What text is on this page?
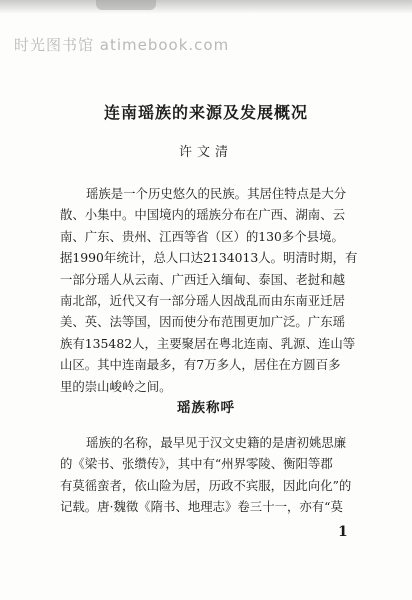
时光图书馆 atimebook.com
连南瑶族的来源及发展概况

许文清

瑶族是一个历史悠久的民族。其居住特点是大分
散、小集中。中国境内的瑶族分布在广西、湖南、云
南、广东、贵州、江西等省（区）的130多个县境。
据1990年统计，总人口达2134013人。明清时期，有
一部分瑶人从云南、广西迁入缅甸、泰国、老挝和越
南北部，近代又有一部分瑶人因战乱而由东南亚迁居
美、英、法等国，因而使分布范围更加广泛。广东瑶
族有135482人，主要聚居在粤北连南、乳源、连山等
山区。其中连南最多，有7万多人，居住在方圆百多
里的崇山峻岭之间。
瑶族称呼
瑶族的名称，最早见于汉文史籍的是唐初姚思廉
的《梁书、张缵传》，其中有“州界零陵、衡阳等郡
有莫徭蛮者，依山险为居，历政不宾服，因此向化”的
记载。唐·魏徵《隋书、地理志》卷三十一，亦有“莫
1
